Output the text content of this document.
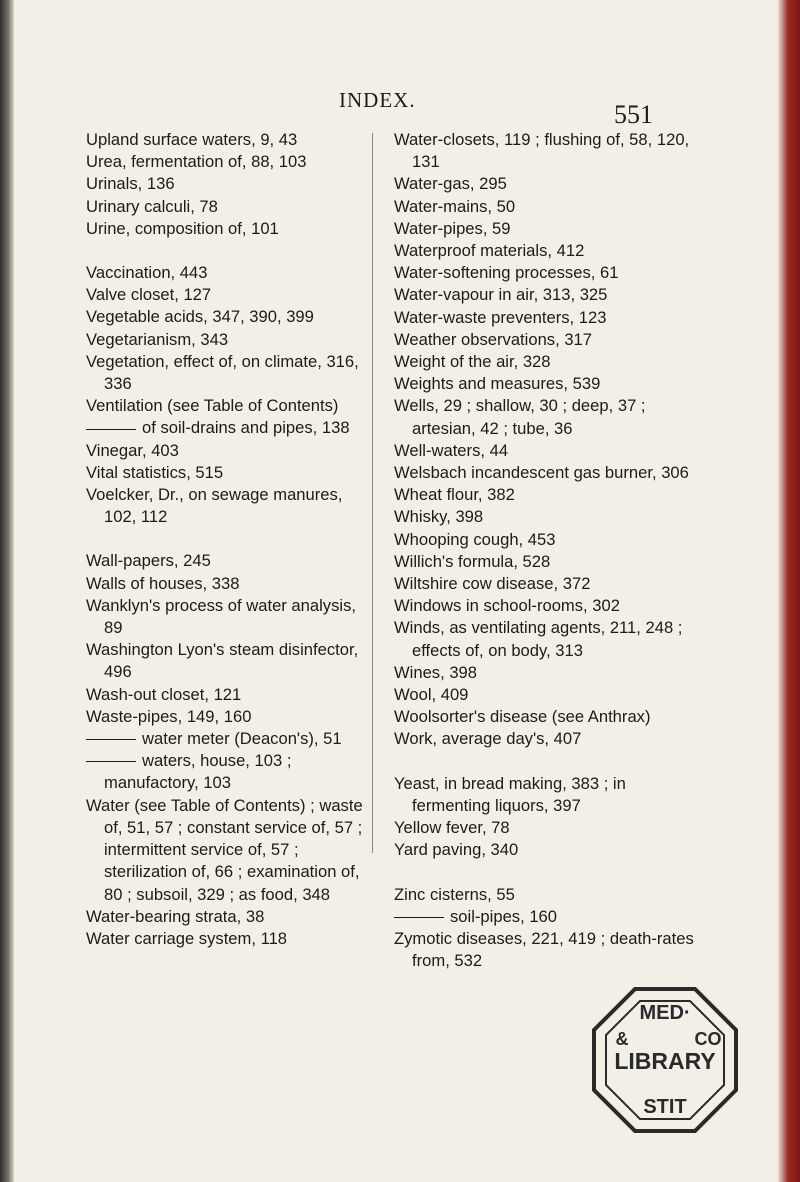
INDEX.	551
Upland surface waters, 9, 43
Urea, fermentation of, 88, 103
Urinals, 136
Urinary calculi, 78
Urine, composition of, 101
Vaccination, 443
Valve closet, 127
Vegetable acids, 347, 390, 399
Vegetarianism, 343
Vegetation, effect of, on climate, 316, 336
Ventilation (see Table of Contents)
of soil-drains and pipes, 138
Vinegar, 403
Vital statistics, 515
Voelcker, Dr., on sewage manures, 102, 112
Wall-papers, 245
Walls of houses, 338
Wanklyn's process of water analysis, 89
Washington Lyon's steam disinfector, 496
Wash-out closet, 121
Waste-pipes, 149, 160
water meter (Deacon's), 51
waters, house, 103 ; manufactory, 103
Water (see Table of Contents) ; waste of, 51, 57 ; constant service of, 57 ; intermittent service of, 57 ; sterilization of, 66 ; examination of, 80 ; subsoil, 329 ; as food, 348
Water-bearing strata, 38
Water carriage system, 118
Water-closets, 119 ; flushing of, 58, 120, 131
Water-gas, 295
Water-mains, 50
Water-pipes, 59
Waterproof materials, 412
Water-softening processes, 61
Water-vapour in air, 313, 325
Water-waste preventers, 123
Weather observations, 317
Weight of the air, 328
Weights and measures, 539
Wells, 29 ; shallow, 30 ; deep, 37 ; artesian, 42 ; tube, 36
Well-waters, 44
Welsbach incandescent gas burner, 306
Wheat flour, 382
Whisky, 398
Whooping cough, 453
Willich's formula, 528
Wiltshire cow disease, 372
Windows in school-rooms, 302
Winds, as ventilating agents, 211, 248 ; effects of, on body, 313
Wines, 398
Wool, 409
Woolsorter's disease (see Anthrax)
Work, average day's, 407
Yeast, in bread making, 383 ; in fermenting liquors, 397
Yellow fever, 78
Yard paving, 340
Zinc cisterns, 55
soil-pipes, 160
Zymotic diseases, 221, 419 ; death-rates from, 532
MED·
&	CO
LIBRARY
STIT
